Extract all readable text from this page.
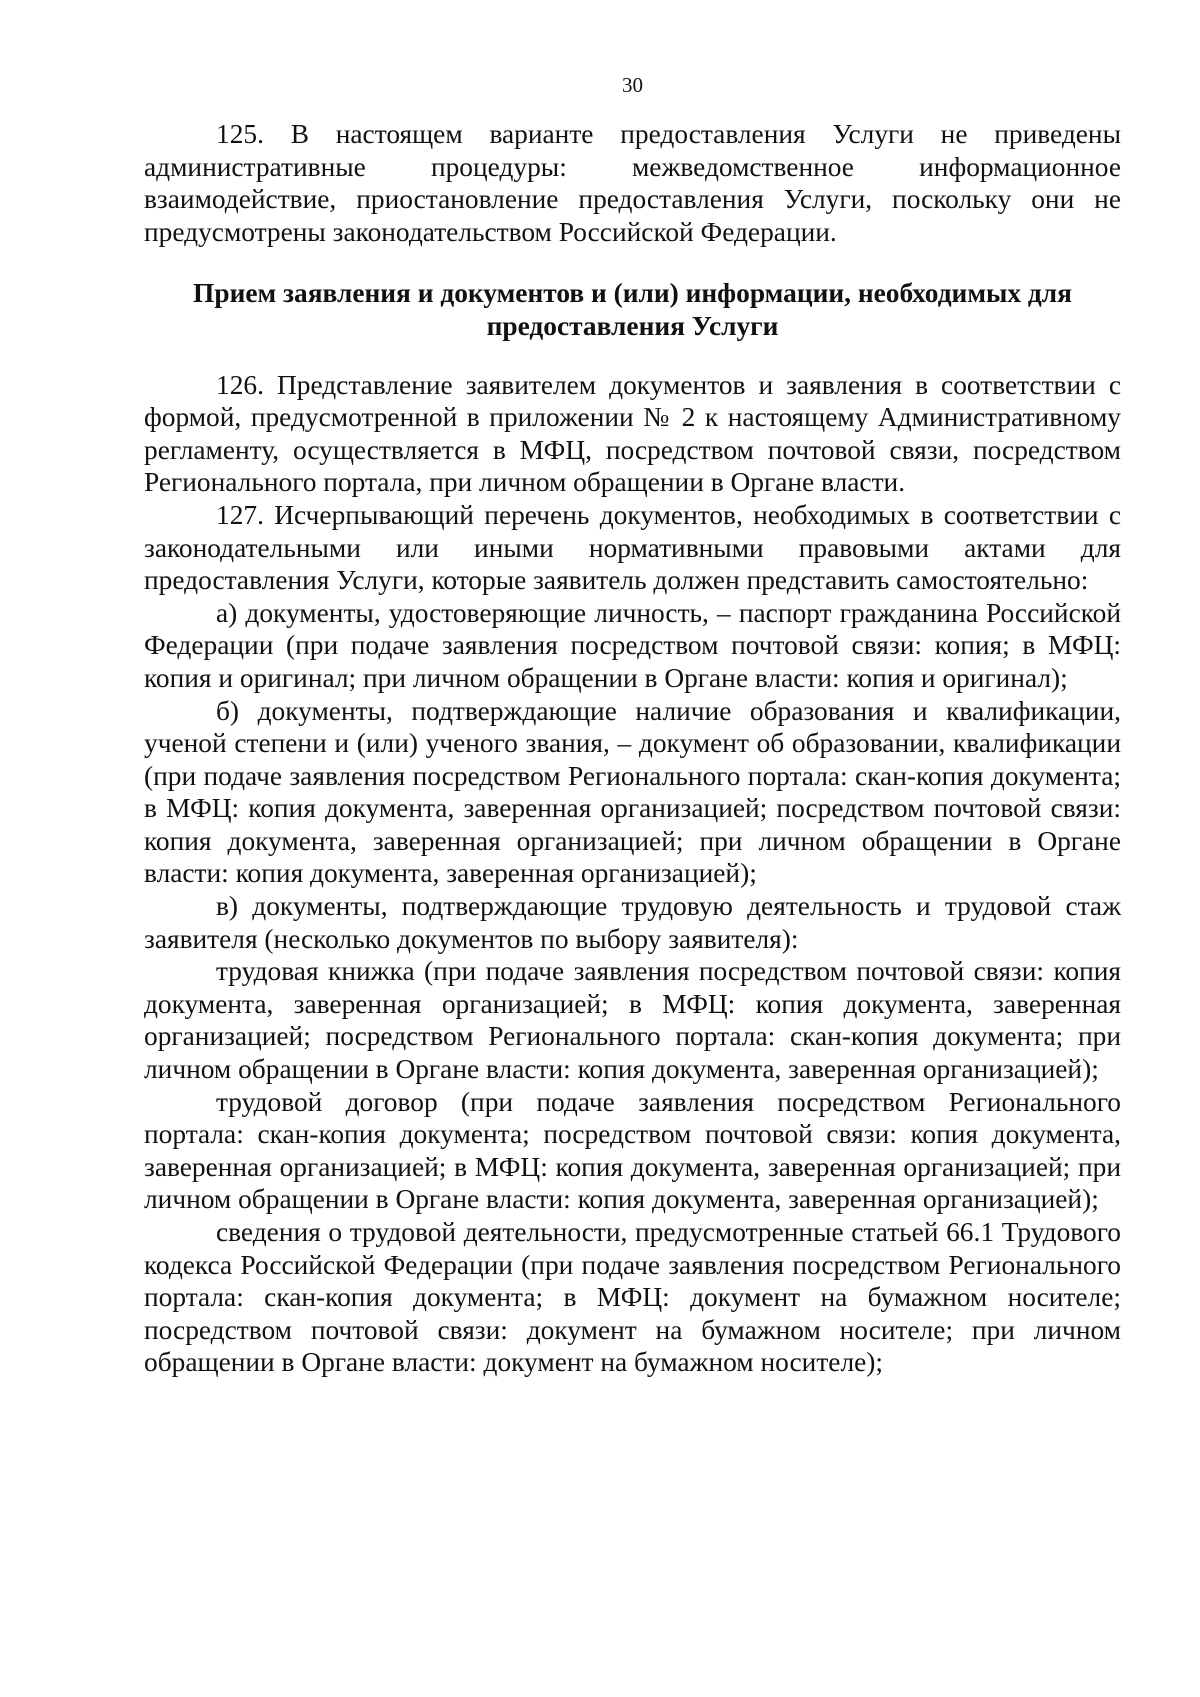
30

125. В настоящем варианте предоставления Услуги не приведены административные процедуры: межведомственное информационное взаимодействие, приостановление предоставления Услуги, поскольку они не предусмотрены законодательством Российской Федерации.

Прием заявления и документов и (или) информации, необходимых для
предоставления Услуги

126. Представление заявителем документов и заявления в соответствии с формой, предусмотренной в приложении № 2 к настоящему Административному регламенту, осуществляется в МФЦ, посредством почтовой связи, посредством Регионального портала, при личном обращении в Органе власти.

127. Исчерпывающий перечень документов, необходимых в соответствии с законодательными или иными нормативными правовыми актами для предоставления Услуги, которые заявитель должен представить самостоятельно:

а) документы, удостоверяющие личность, – паспорт гражданина Российской Федерации (при подаче заявления посредством почтовой связи: копия; в МФЦ: копия и оригинал; при личном обращении в Органе власти: копия и оригинал);

б) документы, подтверждающие наличие образования и квалификации, ученой степени и (или) ученого звания, – документ об образовании, квалификации (при подаче заявления посредством Регионального портала: скан-копия документа; в МФЦ: копия документа, заверенная организацией; посредством почтовой связи: копия документа, заверенная организацией; при личном обращении в Органе власти: копия документа, заверенная организацией);

в) документы, подтверждающие трудовую деятельность и трудовой стаж заявителя (несколько документов по выбору заявителя):

трудовая книжка (при подаче заявления посредством почтовой связи: копия документа, заверенная организацией; в МФЦ: копия документа, заверенная организацией; посредством Регионального портала: скан-копия документа; при личном обращении в Органе власти: копия документа, заверенная организацией);

трудовой договор (при подаче заявления посредством Регионального портала: скан-копия документа; посредством почтовой связи: копия документа, заверенная организацией; в МФЦ: копия документа, заверенная организацией; при личном обращении в Органе власти: копия документа, заверенная организацией);

сведения о трудовой деятельности, предусмотренные статьей 66.1 Трудового кодекса Российской Федерации (при подаче заявления посредством Регионального портала: скан-копия документа; в МФЦ: документ на бумажном носителе; посредством почтовой связи: документ на бумажном носителе; при личном обращении в Органе власти: документ на бумажном носителе);
